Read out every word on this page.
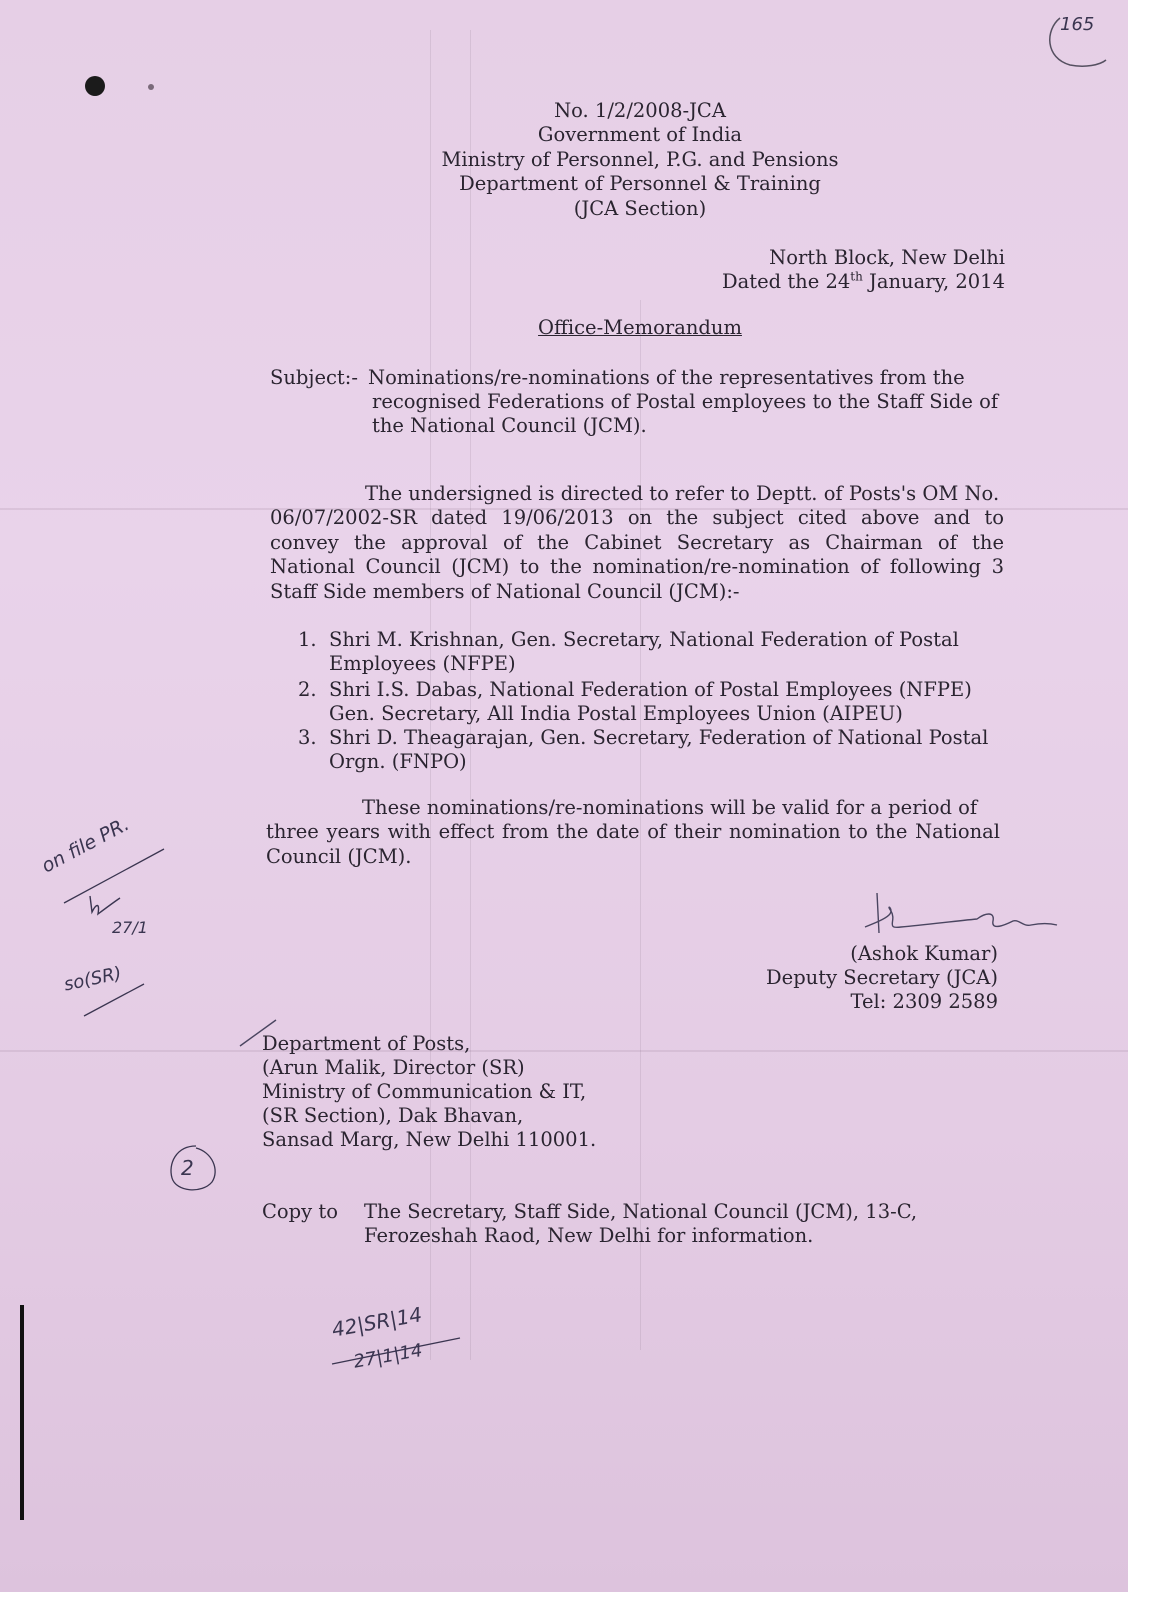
165
No. 1/2/2008-JCA
Government of India
Ministry of Personnel, P.G. and Pensions
Department of Personnel & Training
(JCA Section)
North Block, New Delhi
Dated the 24th January, 2014
Office-Memorandum
Subject:- Nominations/re-nominations of the representatives from the
recognised Federations of Postal employees to the Staff Side of
the National Council (JCM).
The undersigned is directed to refer to Deptt. of Posts's OM No.
06/07/2002-SR dated 19/06/2013 on the subject cited above and to convey the approval of the Cabinet Secretary as Chairman of the National Council (JCM) to the nomination/re-nomination of following 3 Staff Side members of National Council (JCM):-
1. Shri M. Krishnan, Gen. Secretary, National Federation of Postal
Employees (NFPE)
2. Shri I.S. Dabas, National Federation of Postal Employees (NFPE)
Gen. Secretary, All India Postal Employees Union (AIPEU)
3. Shri D. Theagarajan, Gen. Secretary, Federation of National Postal
Orgn. (FNPO)
These nominations/re-nominations will be valid for a period of
three years with effect from the date of their nomination to the National Council (JCM).
(Ashok Kumar)
Deputy Secretary (JCA)
Tel: 2309 2589
Department of Posts,
(Arun Malik, Director (SR)
Ministry of Communication & IT,
(SR Section), Dak Bhavan,
Sansad Marg, New Delhi 110001.
Copy to The Secretary, Staff Side, National Council (JCM), 13-C,
Ferozeshah Raod, New Delhi for information.
on file PR.
27/1
so(SR)
2
42|SR|14
27|1|14
